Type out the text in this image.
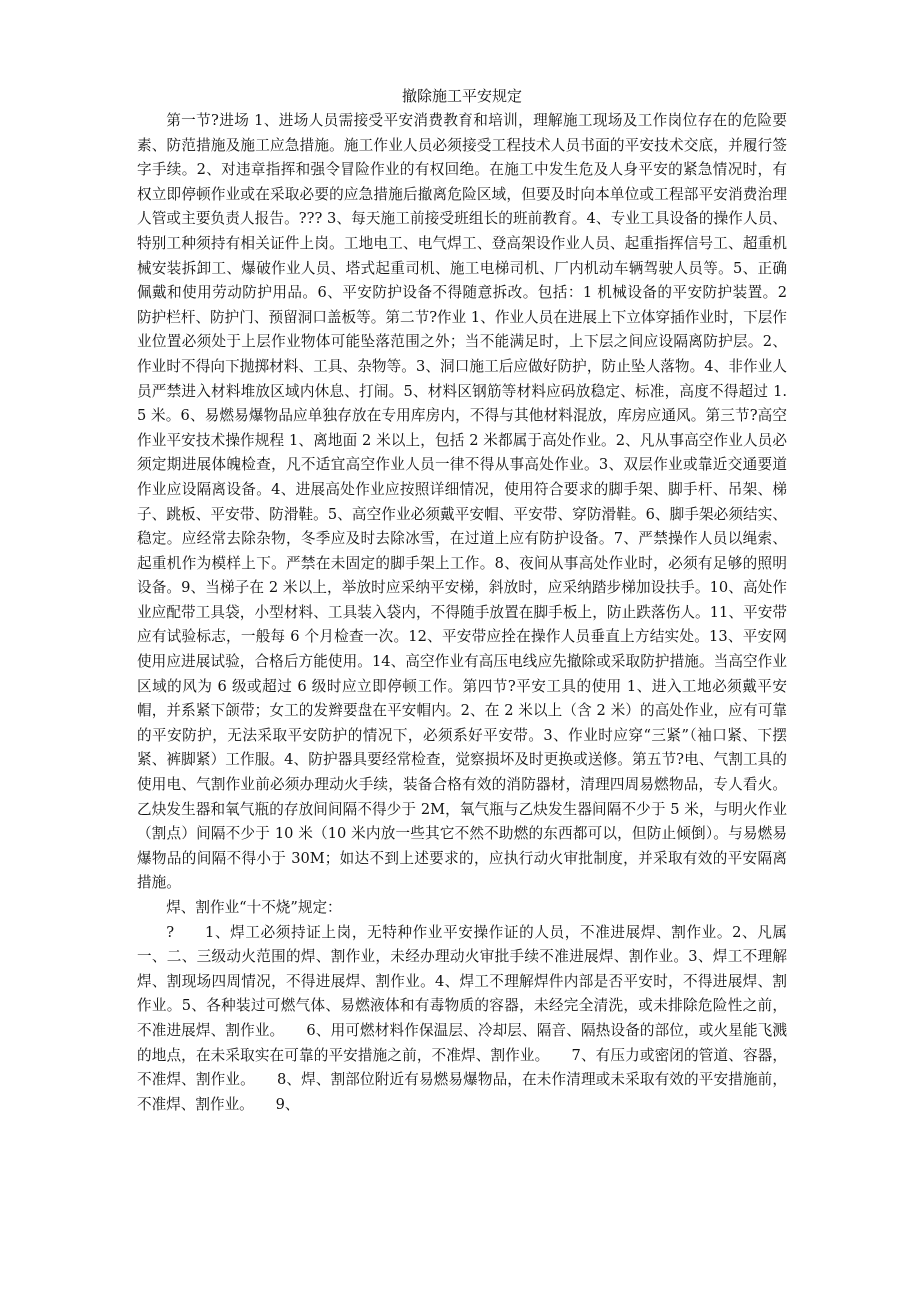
撤除施工平安规定

第一节?进场 1、进场人员需接受平安消费教育和培训，理解施工现场及工作岗位存在的危险要素、防范措施及施工应急措施。施工作业人员必须接受工程技术人员书面的平安技术交底，并履行签字手续。2、对违章指挥和强令冒险作业的有权回绝。在施工中发生危及人身平安的紧急情况时，有权立即停顿作业或在采取必要的应急措施后撤离危险区域，但要及时向本单位或工程部平安消费治理人管或主要负责人报告。??? 3、每天施工前接受班组长的班前教育。4、专业工具设备的操作人员、特别工种须持有相关证件上岗。工地电工、电气焊工、登高架设作业人员、起重指挥信号工、超重机械安装拆卸工、爆破作业人员、塔式起重司机、施工电梯司机、厂内机动车辆驾驶人员等。5、正确佩戴和使用劳动防护用品。6、平安防护设备不得随意拆改。包括：1 机械设备的平安防护装置。2 防护栏杆、防护门、预留洞口盖板等。第二节?作业 1、作业人员在进展上下立体穿插作业时，下层作业位置必须处于上层作业物体可能坠落范围之外；当不能满足时，上下层之间应设隔离防护层。2、作业时不得向下抛掷材料、工具、杂物等。3、洞口施工后应做好防护，防止坠人落物。4、非作业人员严禁进入材料堆放区域内休息、打闹。5、材料区钢筋等材料应码放稳定、标准，高度不得超过 1.5 米。6、易燃易爆物品应单独存放在专用库房内，不得与其他材料混放，库房应通风。第三节?高空作业平安技术操作规程 1、离地面 2 米以上，包括 2 米都属于高处作业。2、凡从事高空作业人员必须定期进展体魄检查，凡不适宜高空作业人员一律不得从事高处作业。3、双层作业或靠近交通要道作业应设隔离设备。4、进展高处作业应按照详细情况，使用符合要求的脚手架、脚手杆、吊架、梯子、跳板、平安带、防滑鞋。5、高空作业必须戴平安帽、平安带、穿防滑鞋。6、脚手架必须结实、稳定。应经常去除杂物，冬季应及时去除冰雪，在过道上应有防护设备。7、严禁操作人员以绳索、起重机作为模样上下。严禁在未固定的脚手架上工作。8、夜间从事高处作业时，必须有足够的照明设备。9、当梯子在 2 米以上，举放时应采纳平安梯，斜放时，应采纳踏步梯加设扶手。10、高处作业应配带工具袋，小型材料、工具装入袋内，不得随手放置在脚手板上，防止跌落伤人。11、平安带应有试验标志，一般每 6 个月检查一次。12、平安带应拴在操作人员垂直上方结实处。13、平安网使用应进展试验，合格后方能使用。14、高空作业有高压电线应先撤除或采取防护措施。当高空作业区域的风为 6 级或超过 6 级时应立即停顿工作。第四节?平安工具的使用 1、进入工地必须戴平安帽，并系紧下颌带；女工的发辫要盘在平安帽内。2、在 2 米以上（含 2 米）的高处作业，应有可靠的平安防护，无法采取平安防护的情况下，必须系好平安带。3、作业时应穿“三紧”（袖口紧、下摆紧、裤脚紧）工作服。4、防护器具要经常检查，觉察损坏及时更换或送修。第五节?电、气割工具的使用电、气割作业前必须办理动火手续，装备合格有效的消防器材，清理四周易燃物品，专人看火。乙炔发生器和氧气瓶的存放间间隔不得少于 2M，氧气瓶与乙炔发生器间隔不少于 5 米，与明火作业（割点）间隔不少于 10 米（10 米内放一些其它不然不助燃的东西都可以，但防止倾倒）。与易燃易爆物品的间隔不得小于 30M；如达不到上述要求的，应执行动火审批制度，并采取有效的平安隔离措施。

焊、割作业“十不烧”规定：

?　　1、焊工必须持证上岗，无特种作业平安操作证的人员，不准进展焊、割作业。2、凡属一、二、三级动火范围的焊、割作业，未经办理动火审批手续不准进展焊、割作业。3、焊工不理解焊、割现场四周情况，不得进展焊、割作业。4、焊工不理解焊件内部是否平安时，不得进展焊、割作业。5、各种装过可燃气体、易燃液体和有毒物质的容器，未经完全清洗，或未排除危险性之前，不准进展焊、割作业。　　6、用可燃材料作保温层、冷却层、隔音、隔热设备的部位，或火星能飞溅的地点，在未采取实在可靠的平安措施之前，不准焊、割作业。　　7、有压力或密闭的管道、容器，不准焊、割作业。　　8、焊、割部位附近有易燃易爆物品，在未作清理或未采取有效的平安措施前，不准焊、割作业。　　9、
